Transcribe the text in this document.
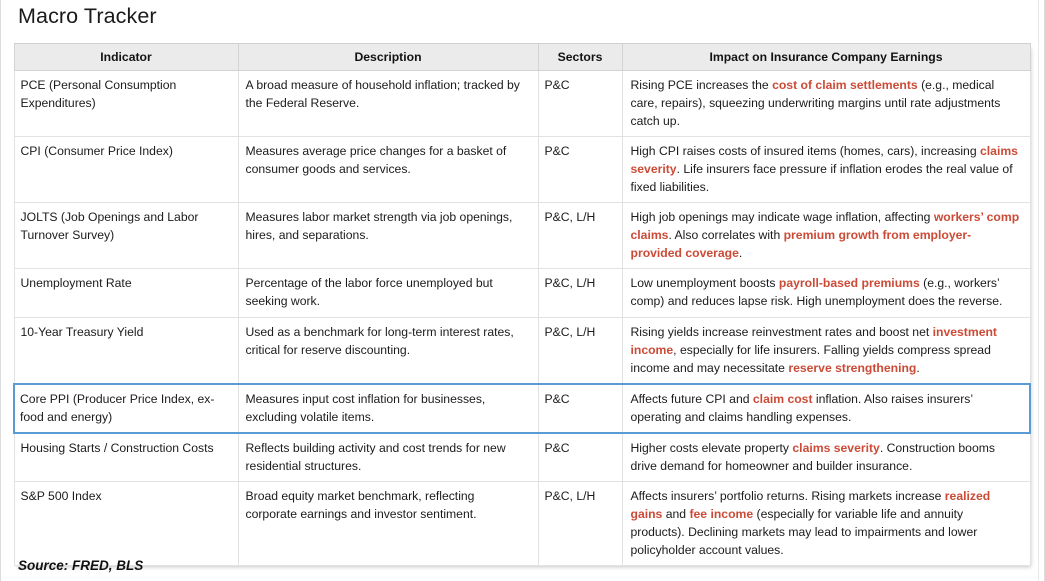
Macro Tracker
Indicator	Description	Sectors	Impact on Insurance Company Earnings
PCE (Personal Consumption Expenditures)	A broad measure of household inflation; tracked by the Federal Reserve.	P&C	Rising PCE increases the cost of claim settlements (e.g., medical care, repairs), squeezing underwriting margins until rate adjustments catch up.
CPI (Consumer Price Index)	Measures average price changes for a basket of consumer goods and services.	P&C	High CPI raises costs of insured items (homes, cars), increasing claims severity. Life insurers face pressure if inflation erodes the real value of fixed liabilities.
JOLTS (Job Openings and Labor Turnover Survey)	Measures labor market strength via job openings, hires, and separations.	P&C, L/H	High job openings may indicate wage inflation, affecting workers’ comp claims. Also correlates with premium growth from employer-provided coverage.
Unemployment Rate	Percentage of the labor force unemployed but seeking work.	P&C, L/H	Low unemployment boosts payroll-based premiums (e.g., workers’ comp) and reduces lapse risk. High unemployment does the reverse.
10-Year Treasury Yield	Used as a benchmark for long-term interest rates, critical for reserve discounting.	P&C, L/H	Rising yields increase reinvestment rates and boost net investment income, especially for life insurers. Falling yields compress spread income and may necessitate reserve strengthening.
Core PPI (Producer Price Index, ex-food and energy)	Measures input cost inflation for businesses, excluding volatile items.	P&C	Affects future CPI and claim cost inflation. Also raises insurers’ operating and claims handling expenses.
Housing Starts / Construction Costs	Reflects building activity and cost trends for new residential structures.	P&C	Higher costs elevate property claims severity. Construction booms drive demand for homeowner and builder insurance.
S&P 500 Index	Broad equity market benchmark, reflecting corporate earnings and investor sentiment.	P&C, L/H	Affects insurers’ portfolio returns. Rising markets increase realized gains and fee income (especially for variable life and annuity products). Declining markets may lead to impairments and lower policyholder account values.
Source: FRED, BLS
